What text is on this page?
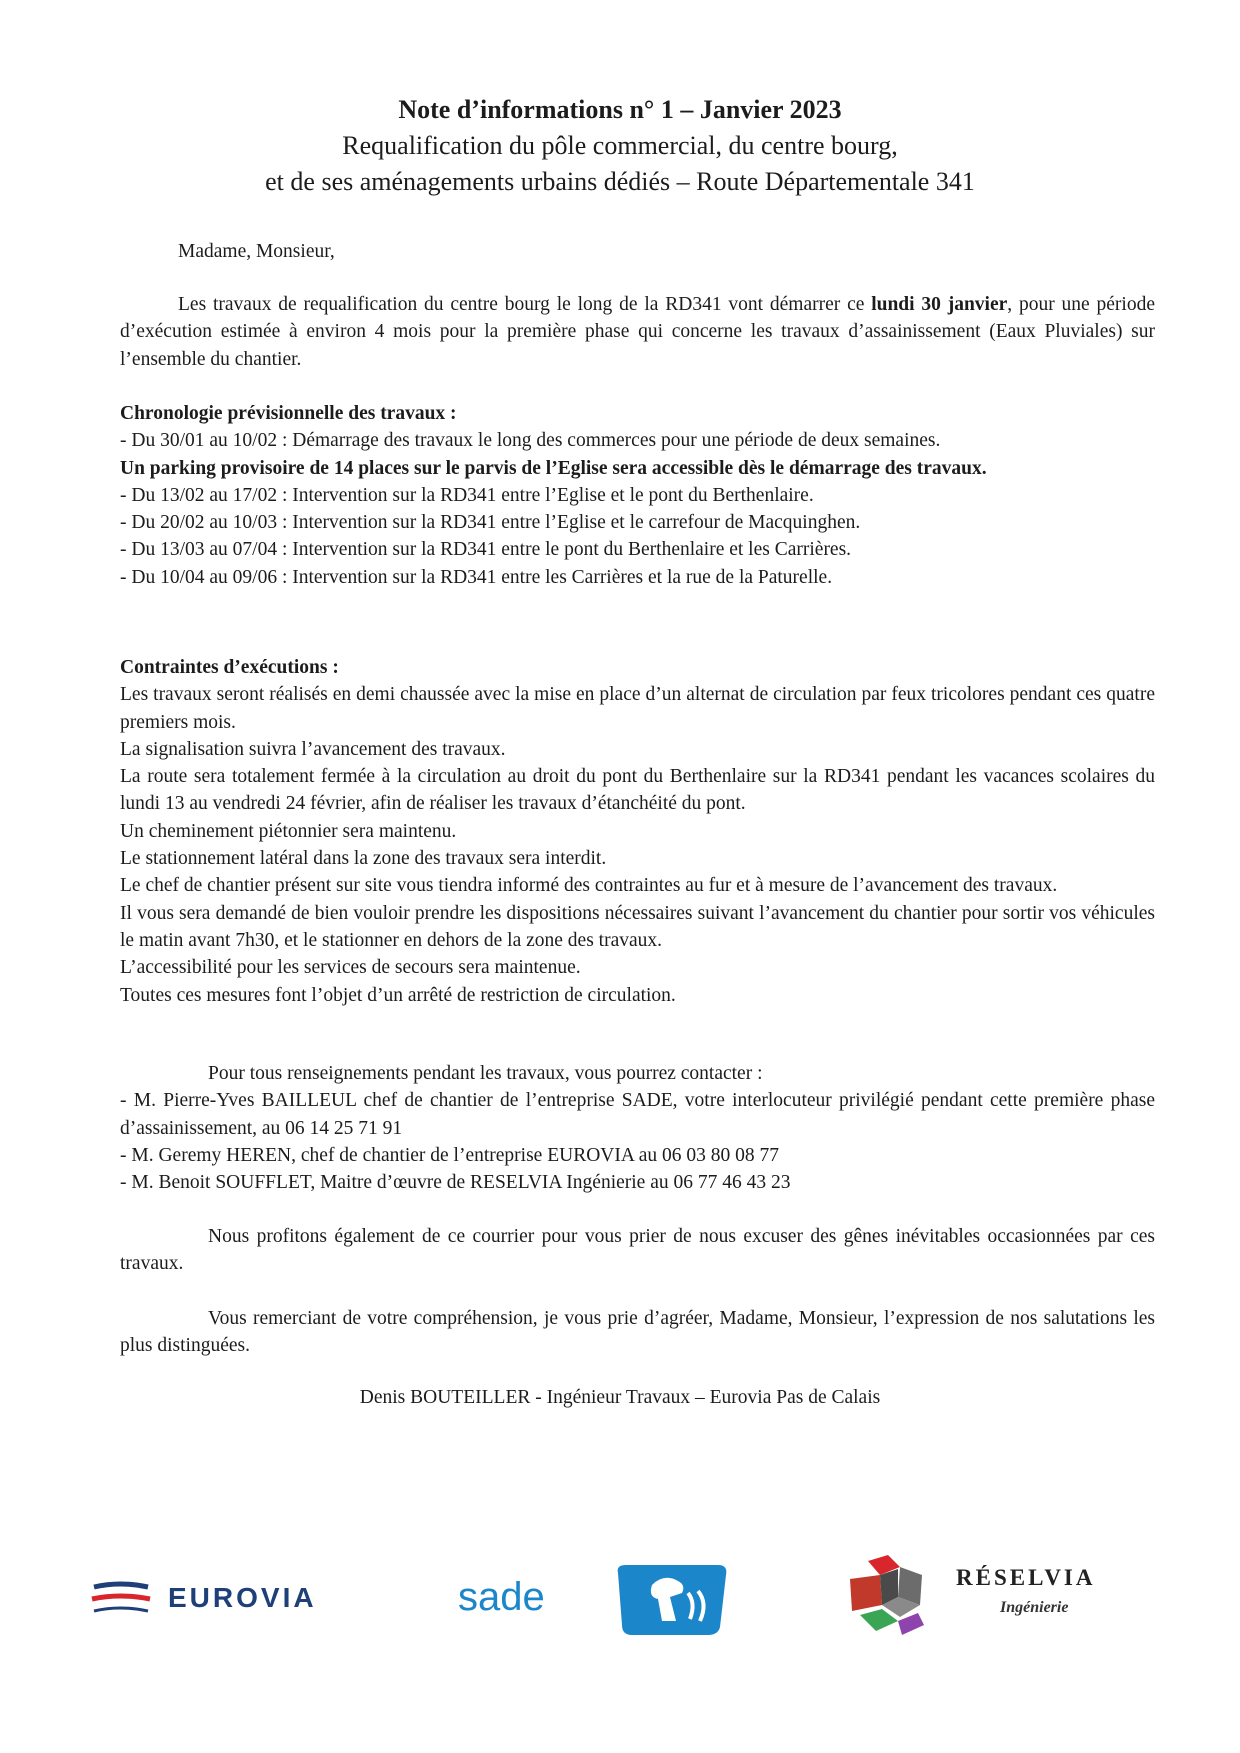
Note d’informations n° 1 – Janvier 2023
Requalification du pôle commercial, du centre bourg,
et de ses aménagements urbains dédiés – Route Départementale 341

Madame, Monsieur,

Les travaux de requalification du centre bourg le long de la RD341 vont démarrer ce lundi 30 janvier, pour une période d’exécution estimée à environ 4 mois pour la première phase qui concerne les travaux d’assainissement (Eaux Pluviales) sur l’ensemble du chantier.

Chronologie prévisionnelle des travaux :

- Du 30/01 au 10/02 : Démarrage des travaux le long des commerces pour une période de deux semaines.

Un parking provisoire de 14 places sur le parvis de l’Eglise sera accessible dès le démarrage des travaux.

- Du 13/02 au 17/02 : Intervention sur la RD341 entre l’Eglise et le pont du Berthenlaire.

- Du 20/02 au 10/03 : Intervention sur la RD341 entre l’Eglise et le carrefour de Macquinghen.

- Du 13/03 au 07/04 : Intervention sur la RD341 entre le pont du Berthenlaire et les Carrières.

- Du 10/04 au 09/06 : Intervention sur la RD341 entre les Carrières et la rue de la Paturelle.

Contraintes d’exécutions :

Les travaux seront réalisés en demi chaussée avec la mise en place d’un alternat de circulation par feux tricolores pendant ces quatre premiers mois.

La signalisation suivra l’avancement des travaux.

La route sera totalement fermée à la circulation au droit du pont du Berthenlaire sur la RD341 pendant les vacances scolaires du lundi 13 au vendredi 24 février, afin de réaliser les travaux d’étanchéité du pont.

Un cheminement piétonnier sera maintenu.

Le stationnement latéral dans la zone des travaux sera interdit.

Le chef de chantier présent sur site vous tiendra informé des contraintes au fur et à mesure de l’avancement des travaux.

Il vous sera demandé de bien vouloir prendre les dispositions nécessaires suivant l’avancement du chantier pour sortir vos véhicules le matin avant 7h30, et le stationner en dehors de la zone des travaux.

L’accessibilité pour les services de secours sera maintenue.

Toutes ces mesures font l’objet d’un arrêté de restriction de circulation.

Pour tous renseignements pendant les travaux, vous pourrez contacter :

- M. Pierre-Yves BAILLEUL chef de chantier de l’entreprise SADE, votre interlocuteur privilégié pendant cette première phase d’assainissement, au 06 14 25 71 91

- M. Geremy HEREN, chef de chantier de l’entreprise EUROVIA au 06 03 80 08 77

- M. Benoit SOUFFLET, Maitre d’œuvre de RESELVIA Ingénierie au 06 77 46 43 23

Nous profitons également de ce courrier pour vous prier de nous excuser des gênes inévitables occasionnées par ces travaux.

Vous remerciant de votre compréhension, je vous prie d’agréer, Madame, Monsieur, l’expression de nos salutations les plus distinguées.

Denis BOUTEILLER - Ingénieur Travaux – Eurovia Pas de Calais
EUROVIA	sade	RÉSELVIA
Ingénierie
